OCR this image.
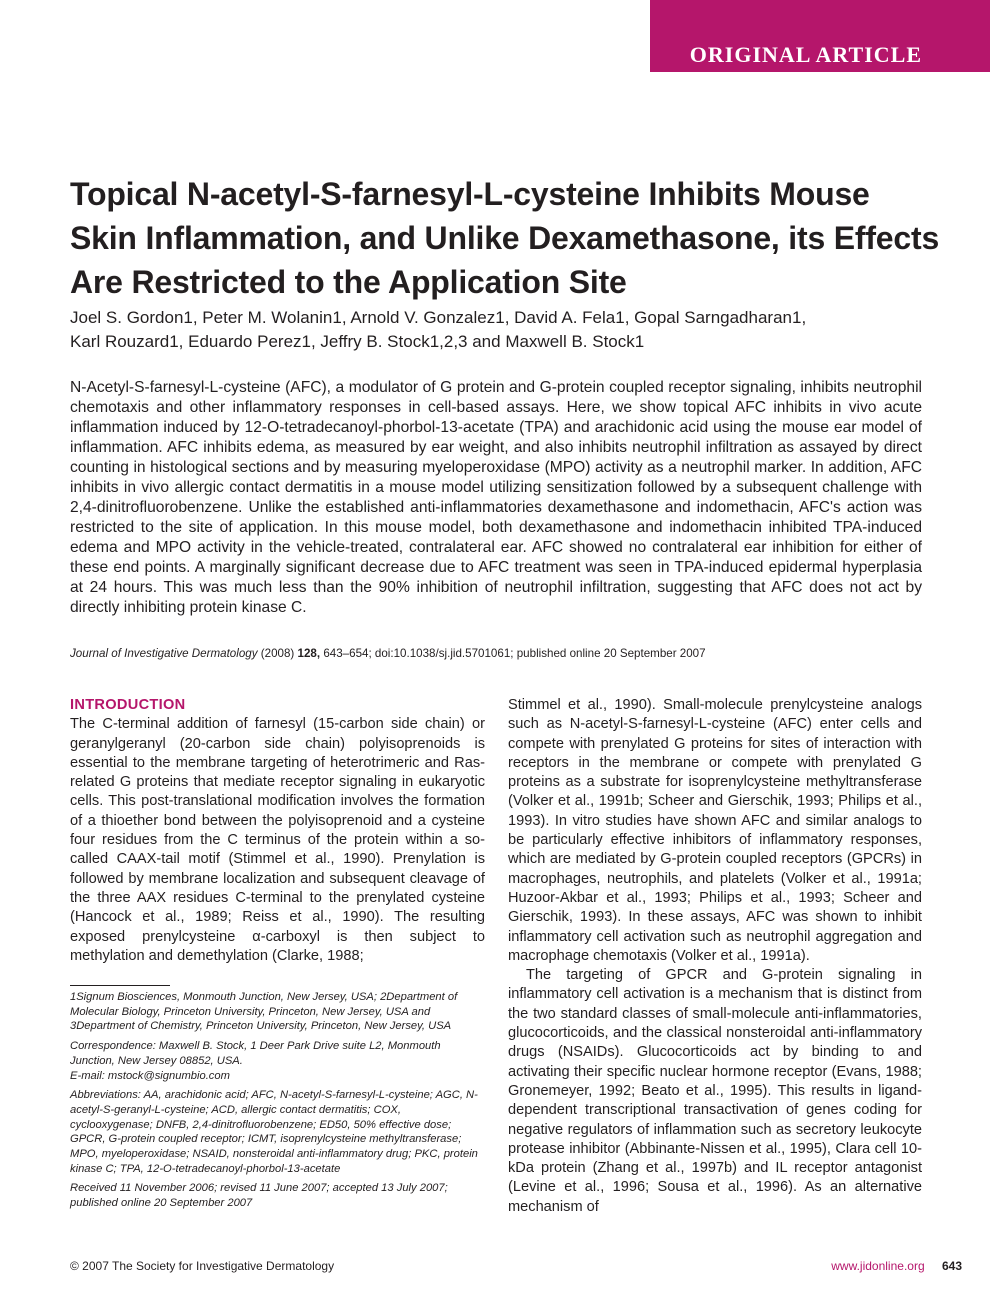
ORIGINAL ARTICLE
Topical N-acetyl-S-farnesyl-L-cysteine Inhibits Mouse Skin Inflammation, and Unlike Dexamethasone, its Effects Are Restricted to the Application Site
Joel S. Gordon1, Peter M. Wolanin1, Arnold V. Gonzalez1, David A. Fela1, Gopal Sarngadharan1,
Karl Rouzard1, Eduardo Perez1, Jeffry B. Stock1,2,3 and Maxwell B. Stock1

N-Acetyl-S-farnesyl-L-cysteine (AFC), a modulator of G protein and G-protein coupled receptor signaling, inhibits neutrophil chemotaxis and other inflammatory responses in cell-based assays. Here, we show topical AFC inhibits in vivo acute inflammation induced by 12-O-tetradecanoyl-phorbol-13-acetate (TPA) and arachidonic acid using the mouse ear model of inflammation. AFC inhibits edema, as measured by ear weight, and also inhibits neutrophil infiltration as assayed by direct counting in histological sections and by measuring myeloperoxidase (MPO) activity as a neutrophil marker. In addition, AFC inhibits in vivo allergic contact dermatitis in a mouse model utilizing sensitization followed by a subsequent challenge with 2,4-dinitrofluorobenzene. Unlike the established anti-inflammatories dexamethasone and indomethacin, AFC's action was restricted to the site of application. In this mouse model, both dexamethasone and indomethacin inhibited TPA-induced edema and MPO activity in the vehicle-treated, contralateral ear. AFC showed no contralateral ear inhibition for either of these end points. A marginally significant decrease due to AFC treatment was seen in TPA-induced epidermal hyperplasia at 24 hours. This was much less than the 90% inhibition of neutrophil infiltration, suggesting that AFC does not act by directly inhibiting protein kinase C.

Journal of Investigative Dermatology (2008) 128, 643–654; doi:10.1038/sj.jid.5701061; published online 20 September 2007
INTRODUCTION

The C-terminal addition of farnesyl (15-carbon side chain) or geranylgeranyl (20-carbon side chain) polyisoprenoids is essential to the membrane targeting of heterotrimeric and Ras-related G proteins that mediate receptor signaling in eukaryotic cells. This post-translational modification involves the formation of a thioether bond between the polyisoprenoid and a cysteine four residues from the C terminus of the protein within a so-called CAAX-tail motif (Stimmel et al., 1990). Prenylation is followed by membrane localization and subsequent cleavage of the three AAX residues C-terminal to the prenylated cysteine (Hancock et al., 1989; Reiss et al., 1990). The resulting exposed prenylcysteine α-carboxyl is then subject to methylation and demethylation (Clarke, 1988;

Stimmel et al., 1990). Small-molecule prenylcysteine analogs such as N-acetyl-S-farnesyl-L-cysteine (AFC) enter cells and compete with prenylated G proteins for sites of interaction with receptors in the membrane or compete with prenylated G proteins as a substrate for isoprenylcysteine methyltransferase (Volker et al., 1991b; Scheer and Gierschik, 1993; Philips et al., 1993). In vitro studies have shown AFC and similar analogs to be particularly effective inhibitors of inflammatory responses, which are mediated by G-protein coupled receptors (GPCRs) in macrophages, neutrophils, and platelets (Volker et al., 1991a; Huzoor-Akbar et al., 1993; Philips et al., 1993; Scheer and Gierschik, 1993). In these assays, AFC was shown to inhibit inflammatory cell activation such as neutrophil aggregation and macrophage chemotaxis (Volker et al., 1991a).

The targeting of GPCR and G-protein signaling in inflammatory cell activation is a mechanism that is distinct from the two standard classes of small-molecule anti-inflammatories, glucocorticoids, and the classical nonsteroidal anti-inflammatory drugs (NSAIDs). Glucocorticoids act by binding to and activating their specific nuclear hormone receptor (Evans, 1988; Gronemeyer, 1992; Beato et al., 1995). This results in ligand-dependent transcriptional transactivation of genes coding for negative regulators of inflammation such as secretory leukocyte protease inhibitor (Abbinante-Nissen et al., 1995), Clara cell 10-kDa protein (Zhang et al., 1997b) and IL receptor antagonist (Levine et al., 1996; Sousa et al., 1996). As an alternative mechanism of

1Signum Biosciences, Monmouth Junction, New Jersey, USA; 2Department of Molecular Biology, Princeton University, Princeton, New Jersey, USA and 3Department of Chemistry, Princeton University, Princeton, New Jersey, USA

Correspondence: Maxwell B. Stock, 1 Deer Park Drive suite L2, Monmouth Junction, New Jersey 08852, USA.
E-mail: mstock@signumbio.com

Abbreviations: AA, arachidonic acid; AFC, N-acetyl-S-farnesyl-L-cysteine; AGC, N-acetyl-S-geranyl-L-cysteine; ACD, allergic contact dermatitis; COX, cyclooxygenase; DNFB, 2,4-dinitrofluorobenzene; ED50, 50% effective dose; GPCR, G-protein coupled receptor; ICMT, isoprenylcysteine methyltransferase; MPO, myeloperoxidase; NSAID, nonsteroidal anti-inflammatory drug; PKC, protein kinase C; TPA, 12-O-tetradecanoyl-phorbol-13-acetate

Received 11 November 2006; revised 11 June 2007; accepted 13 July 2007; published online 20 September 2007

© 2007 The Society for Investigative Dermatology	www.jidonline.org 643
